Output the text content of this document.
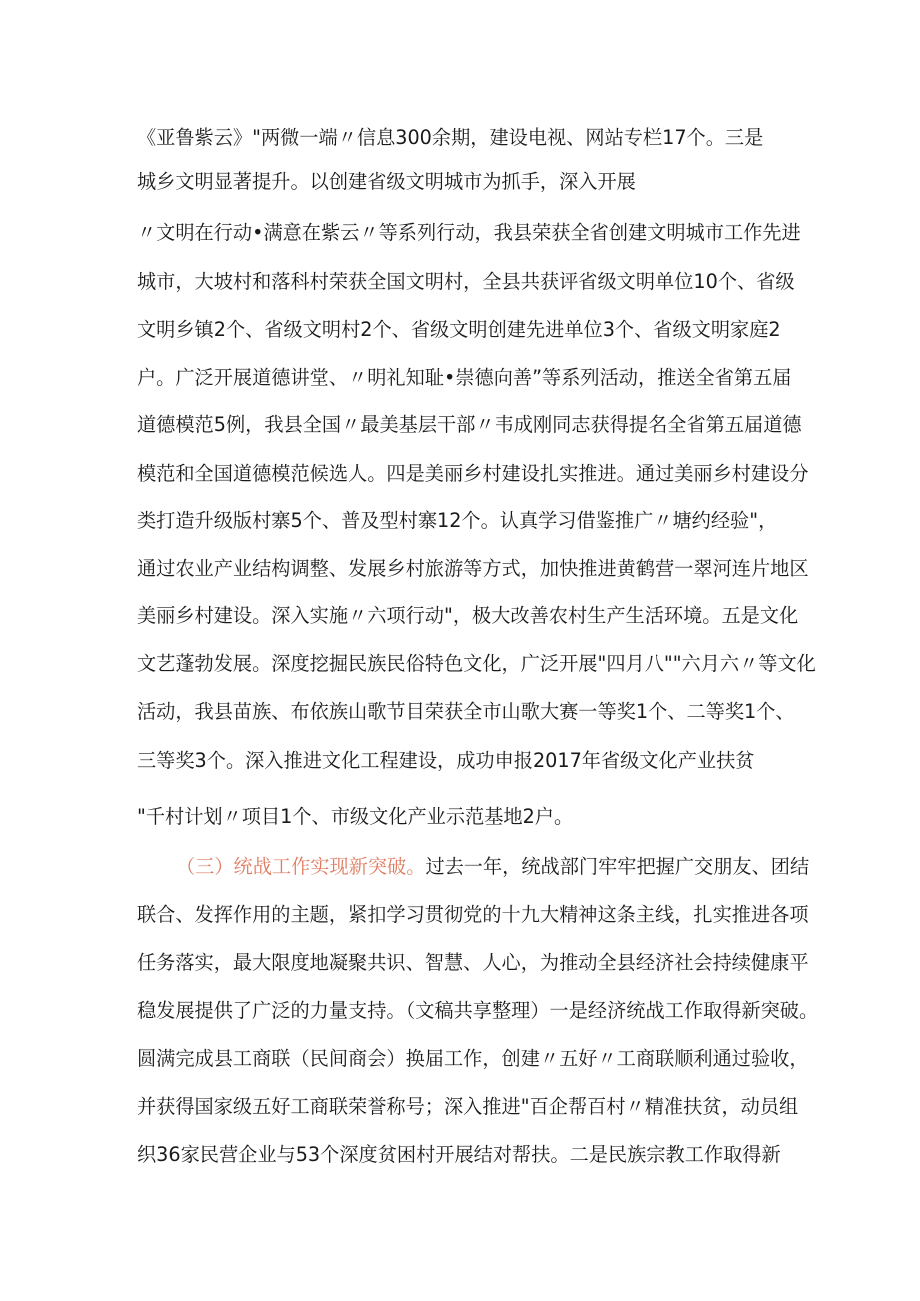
《亚鲁紫云》"两微一端〃信息300余期，建设电视、网站专栏17个。三是
城乡文明显著提升。以创建省级文明城市为抓手，深入开展
〃文明在行动•满意在紫云〃等系列行动，我县荣获全省创建文明城市工作先进
城市，大坡村和落科村荣获全国文明村，全县共获评省级文明单位10个、省级
文明乡镇2个、省级文明村2个、省级文明创建先进单位3个、省级文明家庭2
户。广泛开展道德讲堂、〃明礼知耻•崇德向善”等系列活动，推送全省第五届
道德模范5例，我县全国〃最美基层干部〃韦成刚同志获得提名全省第五届道德
模范和全国道德模范候选人。四是美丽乡村建设扎实推进。通过美丽乡村建设分
类打造升级版村寨5个、普及型村寨12个。认真学习借鉴推广〃塘约经验"，
通过农业产业结构调整、发展乡村旅游等方式，加快推进黄鹤营一翠河连片地区
美丽乡村建设。深入实施〃六项行动"，极大改善农村生产生活环境。五是文化
文艺蓬勃发展。深度挖掘民族民俗特色文化，广泛开展"四月八""六月六〃等文化
活动，我县苗族、布依族山歌节目荣获全市山歌大赛一等奖1个、二等奖1个、
三等奖3个。深入推进文化工程建设，成功申报2017年省级文化产业扶贫
"千村计划〃项目1个、市级文化产业示范基地2户。
（三）统战工作实现新突破。过去一年，统战部门牢牢把握广交朋友、团结
联合、发挥作用的主题，紧扣学习贯彻党的十九大精神这条主线，扎实推进各项
任务落实，最大限度地凝聚共识、智慧、人心，为推动全县经济社会持续健康平
稳发展提供了广泛的力量支持。（文稿共享整理）一是经济统战工作取得新突破。
圆满完成县工商联（民间商会）换届工作，创建〃五好〃工商联顺利通过验收，
并获得国家级五好工商联荣誉称号；深入推进"百企帮百村〃精准扶贫，动员组
织36家民营企业与53个深度贫困村开展结对帮扶。二是民族宗教工作取得新
